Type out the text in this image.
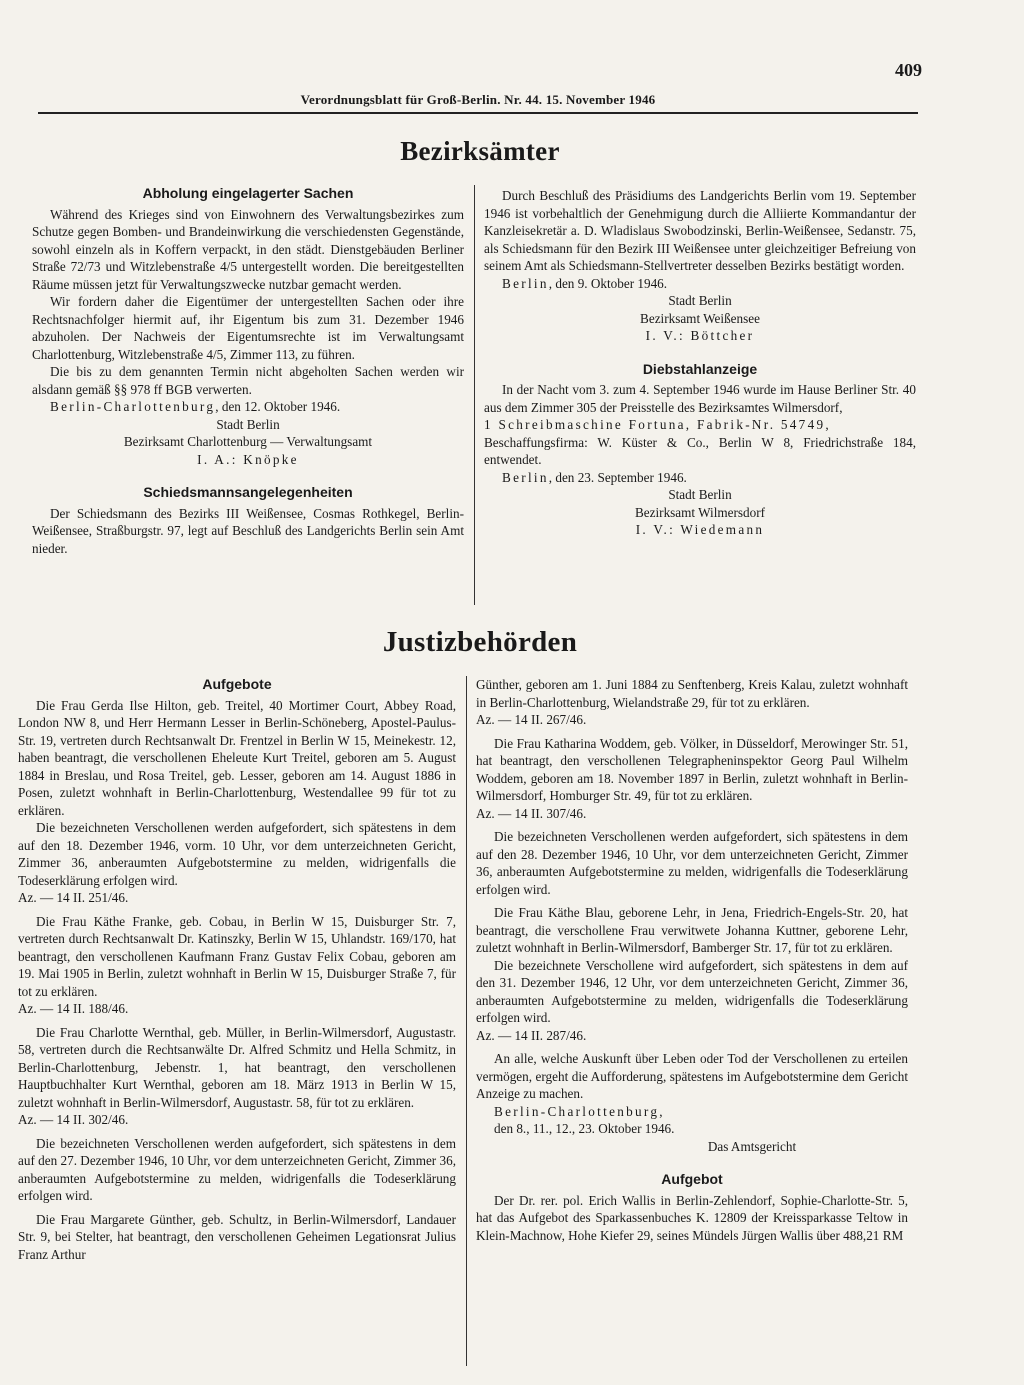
409
Verordnungsblatt für Groß-Berlin. Nr. 44. 15. November 1946
Bezirksämter
Abholung eingelagerter Sachen

Während des Krieges sind von Einwohnern des Verwaltungsbezirkes zum Schutze gegen Bomben- und Brandeinwirkung die verschiedensten Gegenstände, sowohl einzeln als in Koffern verpackt, in den städt. Dienstgebäuden Berliner Straße 72/73 und Witzlebenstraße 4/5 untergestellt worden. Die bereitgestellten Räume müssen jetzt für Verwaltungszwecke nutzbar gemacht werden.

Wir fordern daher die Eigentümer der untergestellten Sachen oder ihre Rechtsnachfolger hiermit auf, ihr Eigentum bis zum 31. Dezember 1946 abzuholen. Der Nachweis der Eigentumsrechte ist im Verwaltungsamt Charlottenburg, Witzlebenstraße 4/5, Zimmer 113, zu führen.

Die bis zu dem genannten Termin nicht abgeholten Sachen werden wir alsdann gemäß §§ 978 ff BGB verwerten.

Berlin-Charlottenburg, den 12. Oktober 1946.

Stadt Berlin

Bezirksamt Charlottenburg — Verwaltungsamt

I. A.: Knöpke

Schiedsmannsangelegenheiten

Der Schiedsmann des Bezirks III Weißensee, Cosmas Rothkegel, Berlin-Weißensee, Straßburgstr. 97, legt auf Beschluß des Landgerichts Berlin sein Amt nieder.

Durch Beschluß des Präsidiums des Landgerichts Berlin vom 19. September 1946 ist vorbehaltlich der Genehmigung durch die Alliierte Kommandantur der Kanzleisekretär a. D. Wladislaus Swobodzinski, Berlin-Weißensee, Sedanstr. 75, als Schiedsmann für den Bezirk III Weißensee unter gleichzeitiger Befreiung von seinem Amt als Schiedsmann-Stellvertreter desselben Bezirks bestätigt worden.

Berlin, den 9. Oktober 1946.

Stadt Berlin

Bezirksamt Weißensee

I. V.: Böttcher

Diebstahlanzeige

In der Nacht vom 3. zum 4. September 1946 wurde im Hause Berliner Str. 40 aus dem Zimmer 305 der Preisstelle des Bezirksamtes Wilmersdorf,

1 Schreibmaschine Fortuna, Fabrik-Nr. 54749,

Beschaffungsfirma: W. Küster & Co., Berlin W 8, Friedrichstraße 184, entwendet.

Berlin, den 23. September 1946.

Stadt Berlin

Bezirksamt Wilmersdorf

I. V.: Wiedemann

Justizbehörden
Aufgebote

Die Frau Gerda Ilse Hilton, geb. Treitel, 40 Mortimer Court, Abbey Road, London NW 8, und Herr Hermann Lesser in Berlin-Schöneberg, Apostel-Paulus-Str. 19, vertreten durch Rechtsanwalt Dr. Frentzel in Berlin W 15, Meinekestr. 12, haben beantragt, die verschollenen Eheleute Kurt Treitel, geboren am 5. August 1884 in Breslau, und Rosa Treitel, geb. Lesser, geboren am 14. August 1886 in Posen, zuletzt wohnhaft in Berlin-Charlottenburg, Westendallee 99 für tot zu erklären.

Die bezeichneten Verschollenen werden aufgefordert, sich spätestens in dem auf den 18. Dezember 1946, vorm. 10 Uhr, vor dem unterzeichneten Gericht, Zimmer 36, anberaumten Aufgebotstermine zu melden, widrigenfalls die Todeserklärung erfolgen wird.

Az. — 14 II. 251/46.

Die Frau Käthe Franke, geb. Cobau, in Berlin W 15, Duisburger Str. 7, vertreten durch Rechtsanwalt Dr. Katinszky, Berlin W 15, Uhlandstr. 169/170, hat beantragt, den verschollenen Kaufmann Franz Gustav Felix Cobau, geboren am 19. Mai 1905 in Berlin, zuletzt wohnhaft in Berlin W 15, Duisburger Straße 7, für tot zu erklären.

Az. — 14 II. 188/46.

Die Frau Charlotte Wernthal, geb. Müller, in Berlin-Wilmersdorf, Augustastr. 58, vertreten durch die Rechtsanwälte Dr. Alfred Schmitz und Hella Schmitz, in Berlin-Charlottenburg, Jebenstr. 1, hat beantragt, den verschollenen Hauptbuchhalter Kurt Wernthal, geboren am 18. März 1913 in Berlin W 15, zuletzt wohnhaft in Berlin-Wilmersdorf, Augustastr. 58, für tot zu erklären.

Az. — 14 II. 302/46.

Die bezeichneten Verschollenen werden aufgefordert, sich spätestens in dem auf den 27. Dezember 1946, 10 Uhr, vor dem unterzeichneten Gericht, Zimmer 36, anberaumten Aufgebotstermine zu melden, widrigenfalls die Todeserklärung erfolgen wird.

Die Frau Margarete Günther, geb. Schultz, in Berlin-Wilmersdorf, Landauer Str. 9, bei Stelter, hat beantragt, den verschollenen Geheimen Legationsrat Julius Franz Arthur

Günther, geboren am 1. Juni 1884 zu Senftenberg, Kreis Kalau, zuletzt wohnhaft in Berlin-Charlottenburg, Wielandstraße 29, für tot zu erklären.

Az. — 14 II. 267/46.

Die Frau Katharina Woddem, geb. Völker, in Düsseldorf, Merowinger Str. 51, hat beantragt, den verschollenen Telegrapheninspektor Georg Paul Wilhelm Woddem, geboren am 18. November 1897 in Berlin, zuletzt wohnhaft in Berlin-Wilmersdorf, Homburger Str. 49, für tot zu erklären.

Az. — 14 II. 307/46.

Die bezeichneten Verschollenen werden aufgefordert, sich spätestens in dem auf den 28. Dezember 1946, 10 Uhr, vor dem unterzeichneten Gericht, Zimmer 36, anberaumten Aufgebotstermine zu melden, widrigenfalls die Todeserklärung erfolgen wird.

Die Frau Käthe Blau, geborene Lehr, in Jena, Friedrich-Engels-Str. 20, hat beantragt, die verschollene Frau verwitwete Johanna Kuttner, geborene Lehr, zuletzt wohnhaft in Berlin-Wilmersdorf, Bamberger Str. 17, für tot zu erklären.

Die bezeichnete Verschollene wird aufgefordert, sich spätestens in dem auf den 31. Dezember 1946, 12 Uhr, vor dem unterzeichneten Gericht, Zimmer 36, anberaumten Aufgebotstermine zu melden, widrigenfalls die Todeserklärung erfolgen wird.

Az. — 14 II. 287/46.

An alle, welche Auskunft über Leben oder Tod der Verschollenen zu erteilen vermögen, ergeht die Aufforderung, spätestens im Aufgebotstermine dem Gericht Anzeige zu machen.

Berlin-Charlottenburg,

den 8., 11., 12., 23. Oktober 1946.

Das Amtsgericht

Aufgebot

Der Dr. rer. pol. Erich Wallis in Berlin-Zehlendorf, Sophie-Charlotte-Str. 5, hat das Aufgebot des Sparkassenbuches K. 12809 der Kreissparkasse Teltow in Klein-Machnow, Hohe Kiefer 29, seines Mündels Jürgen Wallis über 488,21 RM
